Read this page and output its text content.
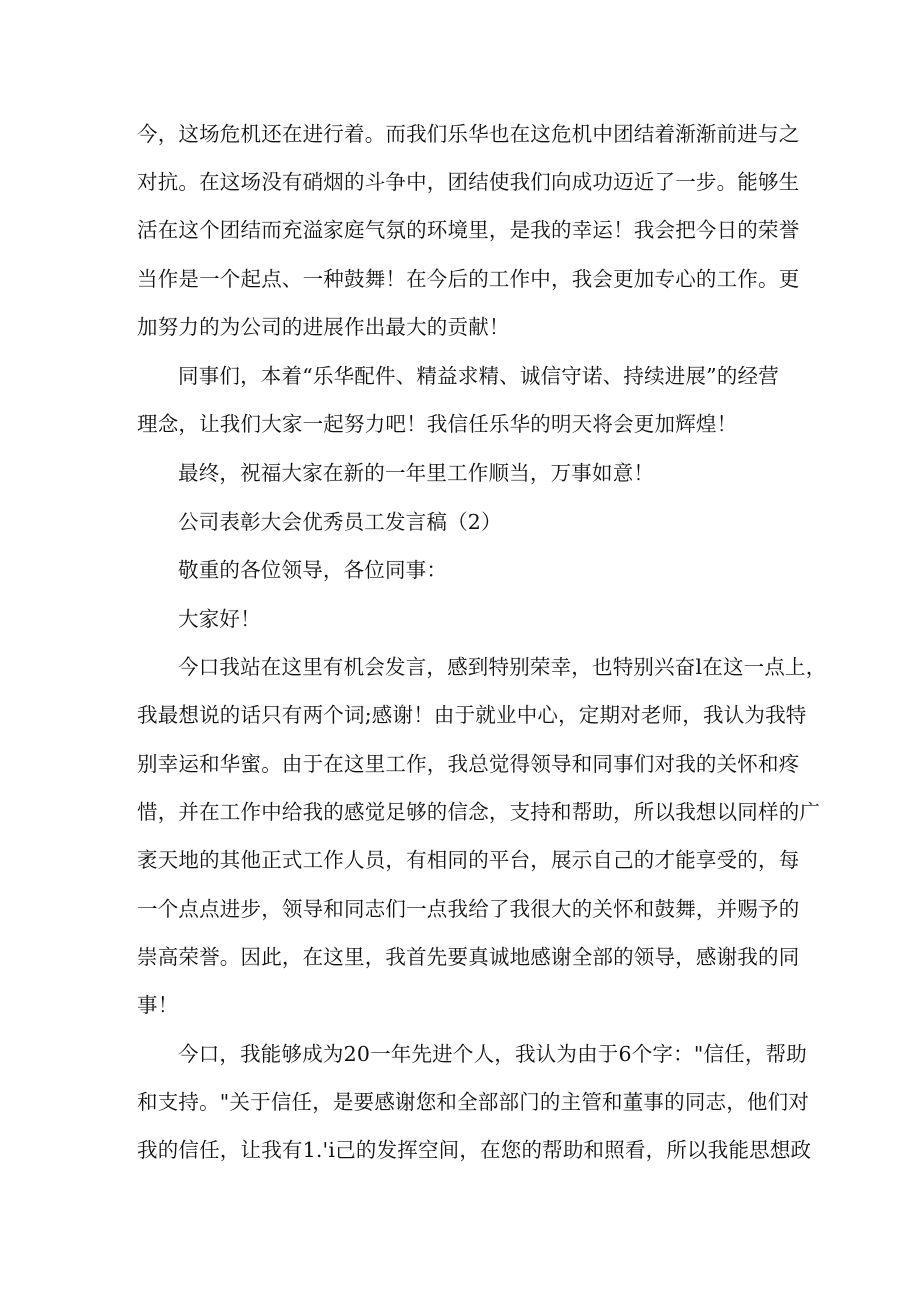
今，这场危机还在进行着。而我们乐华也在这危机中团结着渐渐前进与之
对抗。在这场没有硝烟的斗争中，团结使我们向成功迈近了一步。能够生
活在这个团结而充溢家庭气氛的环境里，是我的幸运！我会把今日的荣誉
当作是一个起点、一种鼓舞！在今后的工作中，我会更加专心的工作。更
加努力的为公司的进展作出最大的贡献！
同事们，本着“乐华配件、精益求精、诚信守诺、持续进展”的经营
理念，让我们大家一起努力吧！我信任乐华的明天将会更加辉煌！
最终，祝福大家在新的一年里工作顺当，万事如意！
公司表彰大会优秀员工发言稿（2）
敬重的各位领导，各位同事：
大家好！
今口我站在这里有机会发言，感到特别荣幸，也特别兴奋l在这一点上，
我最想说的话只有两个词;感谢！由于就业中心，定期对老师，我认为我特
别幸运和华蜜。由于在这里工作，我总觉得领导和同事们对我的关怀和疼
惜，并在工作中给我的感觉足够的信念，支持和帮助，所以我想以同样的广
袤天地的其他正式工作人员，有相同的平台，展示自己的才能享受的，每
一个点点进步，领导和同志们一点我给了我很大的关怀和鼓舞，并赐予的
崇高荣誉。因此，在这里，我首先要真诚地感谢全部的领导，感谢我的同
事！
今口，我能够成为20一年先进个人，我认为由于6个字："信任，帮助
和支持。"关于信任，是要感谢您和全部部门的主管和董事的同志，他们对
我的信任，让我有1.'i己的发挥空间，在您的帮助和照看，所以我能思想政
